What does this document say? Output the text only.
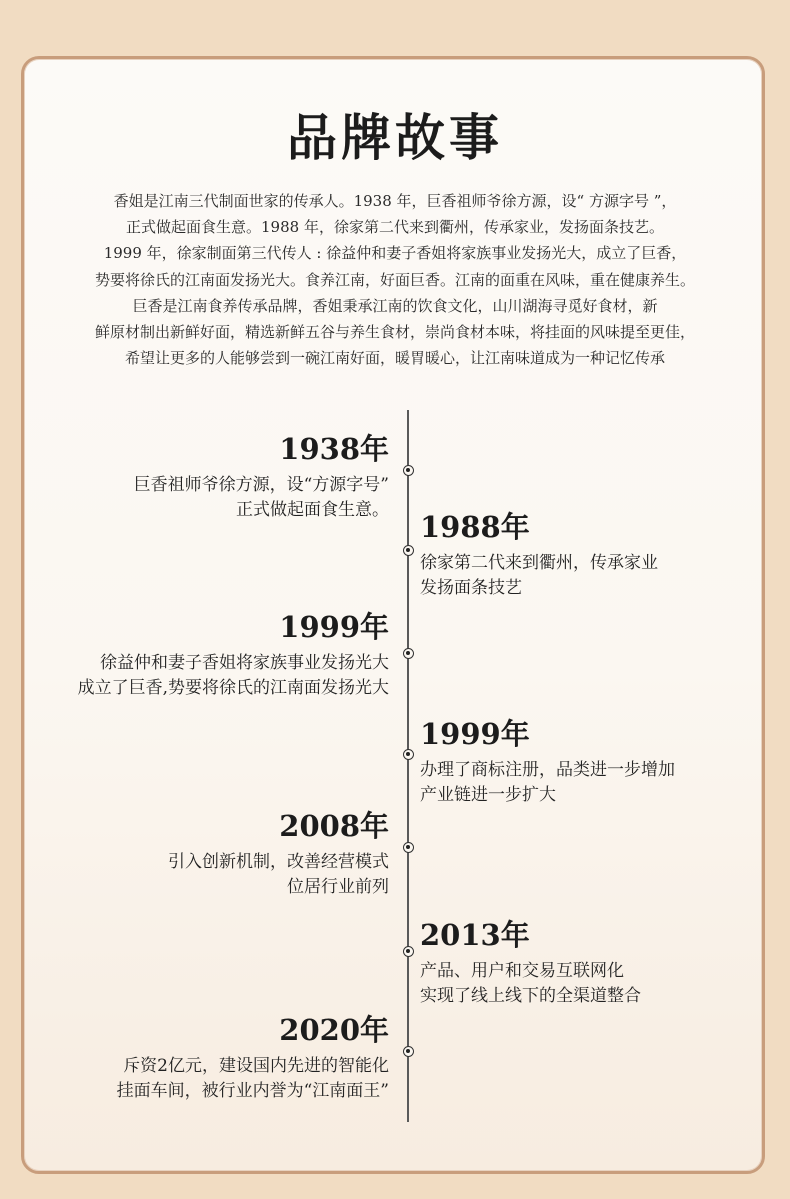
品牌故事
香姐是江南三代制面世家的传承人。1938 年，巨香祖师爷徐方源，设“ 方源字号 ”，
正式做起面食生意。1988 年，徐家第二代来到衢州，传承家业，发扬面条技艺。
1999 年，徐家制面第三代传人 : 徐益仲和妻子香姐将家族事业发扬光大，成立了巨香，
势要将徐氏的江南面发扬光大。食养江南，好面巨香。江南的面重在风味，重在健康养生。
巨香是江南食养传承品牌，香姐秉承江南的饮食文化，山川湖海寻觅好食材，新
鲜原材制出新鲜好面，精选新鲜五谷与养生食材，崇尚食材本味，将挂面的风味提至更佳，
希望让更多的人能够尝到一碗江南好面，暖胃暖心，让江南味道成为一种记忆传承
1938年
巨香祖师爷徐方源，设“方源字号”
正式做起面食生意。 1988年
徐家第二代来到衢州，传承家业
发扬面条技艺
1999年
徐益仲和妻子香姐将家族事业发扬光大
成立了巨香,势要将徐氏的江南面发扬光大
1999年
办理了商标注册，品类进一步增加
产业链进一步扩大
2008年
引入创新机制，改善经营模式
位居行业前列
2013年
产品、用户和交易互联网化
实现了线上线下的全渠道整合
2020年
斥资2亿元，建设国内先进的智能化
挂面车间，被行业内誉为“江南面王”
